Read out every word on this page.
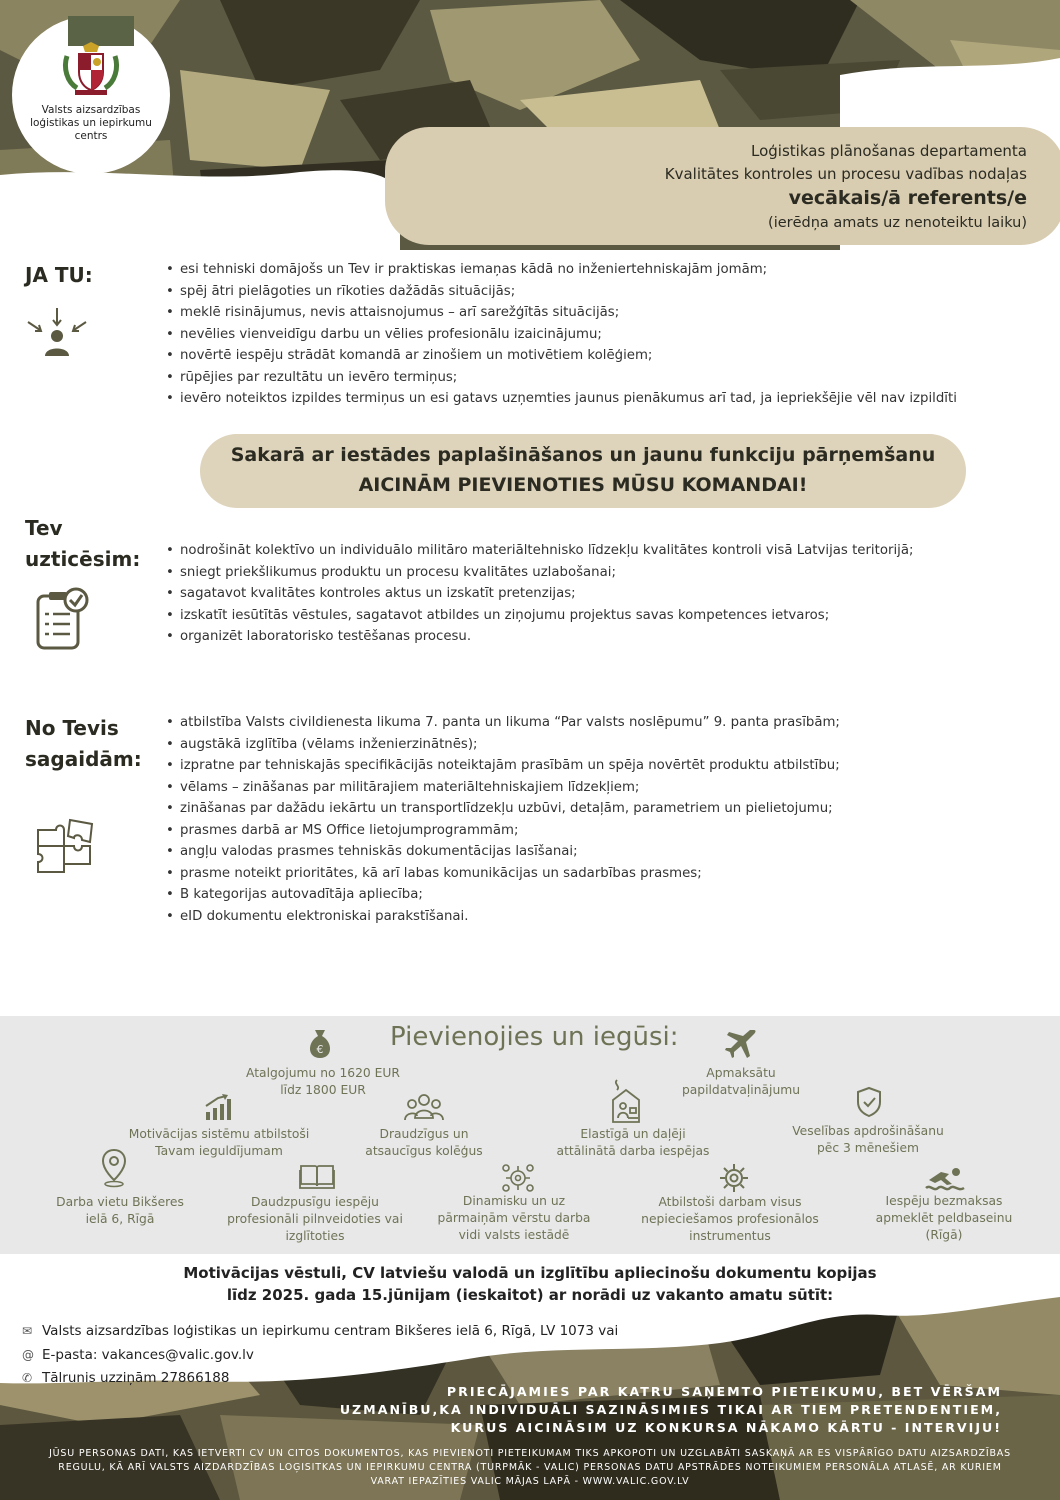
Valsts aizsardzības
loģistikas un iepirkumu
centrs
Loģistikas plānošanas departamenta
Kvalitātes kontroles un procesu vadības nodaļas
vecākais/ā referents/e
(ierēdņa amats uz nenoteiktu laiku)
JA TU:	• esi tehniski domājošs un Tev ir praktiskas iemaņas kādā no inženiertehniskajām jomām;
• spēj ātri pielāgoties un rīkoties dažādās situācijās;
• meklē risinājumus, nevis attaisnojumus – arī sarežģītās situācijās;
• nevēlies vienveidīgu darbu un vēlies profesionālu izaicinājumu;
• novērtē iespēju strādāt komandā ar zinošiem un motivētiem kolēģiem;
• rūpējies par rezultātu un ievēro termiņus;
• ievēro noteiktos izpildes termiņus un esi gatavs uzņemties jaunus pienākumus arī tad, ja iepriekšējie vēl nav izpildīti
Sakarā ar iestādes paplašināšanos un jaunu funkciju pārņemšanu
AICINĀM PIEVIENOTIES MŪSU KOMANDAI!
Tev
uzticēsim:	• nodrošināt kolektīvo un individuālo militāro materiāltehnisko līdzekļu kvalitātes kontroli visā Latvijas teritorijā;
• sniegt priekšlikumus produktu un procesu kvalitātes uzlabošanai;
• sagatavot kvalitātes kontroles aktus un izskatīt pretenzijas;
• izskatīt iesūtītās vēstules, sagatavot atbildes un ziņojumu projektus savas kompetences ietvaros;
• organizēt laboratorisko testēšanas procesu.
No Tevis
sagaidām:
• atbilstība Valsts civildienesta likuma 7. panta un likuma “Par valsts noslēpumu” 9. panta prasībām;
• augstākā izglītība (vēlams inženierzinātnēs);
• izpratne par tehniskajās specifikācijās noteiktajām prasībām un spēja novērtēt produktu atbilstību;
• vēlams – zināšanas par militārajiem materiāltehniskajiem līdzekļiem;
• zināšanas par dažādu iekārtu un transportlīdzekļu uzbūvi, detaļām, parametriem un pielietojumu;
• prasmes darbā ar MS Office lietojumprogrammām;
• angļu valodas prasmes tehniskās dokumentācijas lasīšanai;
• prasme noteikt prioritātes, kā arī labas komunikācijas un sadarbības prasmes;
• B kategorijas autovadītāja apliecība;
• eID dokumentu elektroniskai parakstīšanai.
Pievienojies un iegūsi:
€
Atalgojumu no 1620 EUR
līdz 1800 EUR
Apmaksātu
papildatvaļinājumu
Motivācijas sistēmu atbilstoši
Tavam ieguldījumam
Draudzīgus un
atsaucīgus kolēģus
Elastīgā un daļēji
attālinātā darba iespējas
Veselības apdrošināšanu
pēc 3 mēnešiem
Darba vietu Bikšeres
ielā 6, Rīgā
Daudzpusīgu iespēju
profesionāli pilnveidoties vai
izglītoties
Dinamisku un uz
pārmaiņām vērstu darba
vidi valsts iestādē
Atbilstoši darbam visus
nepieciešamos profesionālos
instrumentus
Iespēju bezmaksas
apmeklēt peldbaseinu
(Rīgā)
Motivācijas vēstuli, CV latviešu valodā un izglītību apliecinošu dokumentu kopijas
līdz 2025. gada 15.jūnijam (ieskaitot) ar norādi uz vakanto amatu sūtīt:
✉ Valsts aizsardzības loģistikas un iepirkumu centram Bikšeres ielā 6, Rīgā, LV 1073 vai
@ E-pasta: vakances@valic.gov.lv
✆ Tālrunis uzziņām 27866188
PRIECĀJAMIES PAR KATRU SAŅEMTO PIETEIKUMU, BET VĒRŠAM
UZMANĪBU,KA INDIVIDUĀLI SAZINĀSIMIES TIKAI AR TIEM PRETENDENTIEM,
KURUS AICINĀSIM UZ KONKURSA NĀKAMO KĀRTU - INTERVIJU!
JŪSU PERSONAS DATI, KAS IETVERTI CV UN CITOS DOKUMENTOS, KAS PIEVIENOTI PIETEIKUMAM TIKS APKOPOTI UN UZGLABĀTI SASKAŅĀ AR ES VISPĀRĪGO DATU AIZSARDZĪBAS
REGULU, KĀ ARĪ VALSTS AIZDARDZĪBAS LOĢISITKAS UN IEPIRKUMU CENTRA (TURPMĀK - VALIC) PERSONAS DATU APSTRĀDES NOTEIKUMIEM PERSONĀLA ATLASĒ, AR KURIEM
VARAT IEPAZĪTIES VALIC MĀJAS LAPĀ - WWW.VALIC.GOV.LV
